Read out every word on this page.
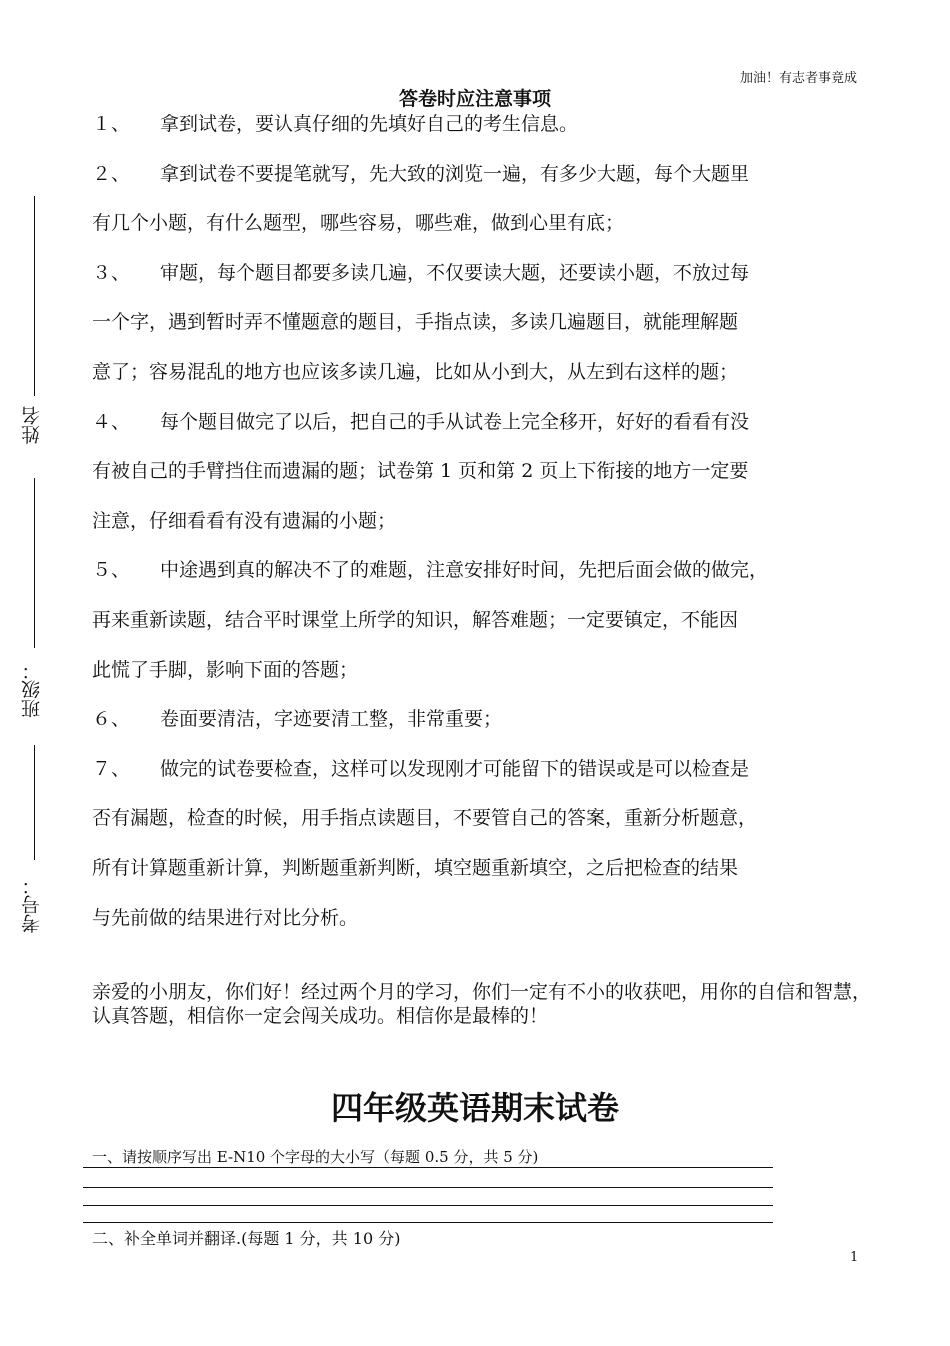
加油！有志者事竟成
答卷时应注意事项
１、 拿到试卷，要认真仔细的先填好自己的考生信息。
２、 拿到试卷不要提笔就写，先大致的浏览一遍，有多少大题，每个大题里
有几个小题，有什么题型，哪些容易，哪些难，做到心里有底；
３、 审题，每个题目都要多读几遍，不仅要读大题，还要读小题，不放过每
一个字，遇到暂时弄不懂题意的题目，手指点读，多读几遍题目，就能理解题
意了；容易混乱的地方也应该多读几遍，比如从小到大，从左到右这样的题；
４、 每个题目做完了以后，把自己的手从试卷上完全移开，好好的看看有没
有被自己的手臂挡住而遗漏的题；试卷第 1 页和第 2 页上下衔接的地方一定要
注意，仔细看看有没有遗漏的小题；
５、 中途遇到真的解决不了的难题，注意安排好时间，先把后面会做的做完，
再来重新读题，结合平时课堂上所学的知识，解答难题；一定要镇定，不能因
此慌了手脚，影响下面的答题；
６、 卷面要清洁，字迹要清工整，非常重要；
７、 做完的试卷要检查，这样可以发现刚才可能留下的错误或是可以检查是
否有漏题，检查的时候，用手指点读题目，不要管自己的答案，重新分析题意，
所有计算题重新计算，判断题重新判断，填空题重新填空，之后把检查的结果
与先前做的结果进行对比分析。
姓名
班级：
考号：
亲爱的小朋友，你们好！经过两个月的学习，你们一定有不小的收获吧，用你的自信和智慧，认真答题，相信你一定会闯关成功。相信你是最棒的！
四年级英语期末试卷
一、请按顺序写出 E-N10 个字母的大小写（每题 0.5 分，共 5 分)
二、补全单词并翻译.(每题 1 分，共 10 分)
1
